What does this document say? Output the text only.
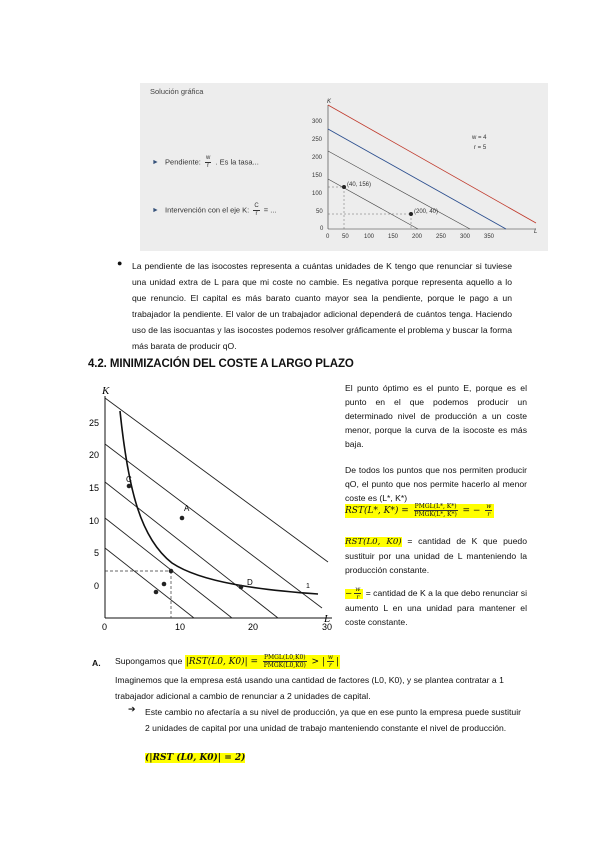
Solución gráfica
► Pendiente: $\frac{w}{r}$ . Es la tasa...
► Intervención con el eje K: $\frac{C}{r}$ = ...
K
L
300
250
200
150
100
50
0
0 50	100 150 200 250 300 350
(40, 156)
(200, 40)
w = 4
r = 5
● La pendiente de las isocostes representa a cuántas unidades de K tengo que renunciar si tuviese una unidad extra de L para que mi coste no cambie. Es negativa porque representa aquello a lo que renuncio. El capital es más barato cuanto mayor sea la pendiente, porque le pago a un trabajador la pendiente. El valor de un trabajador adicional dependerá de cuántos tenga. Haciendo uso de las isocuantas y las isocostes podemos resolver gráficamente el problema y buscar la forma más barata de producir qO.
4.2. MINIMIZACIÓN DEL COSTE A LARGO PLAZO
K
L
25
20
15
10
5
0
0	10	20	30
A
C
D	1
El punto óptimo es el punto E, porque es el punto en el que podemos producir un determinado nivel de producción a un coste menor, porque la curva de la isocoste es más baja.
De todos los puntos que nos permiten producir qO, el punto que nos permite hacerlo al menor coste es (L*, K*)
RST(L*, $K*) = \frac{\text{PMGL(L*, K*)}}{\text{PMGK(L*, K*)}}$ = − $\frac{w}{r}$
RST(L0, K0) = cantidad de K que puedo sustituir por una unidad de L manteniendo la producción constante.
− $\frac{w}{r}$ = cantidad de K a la que debo renunciar si aumento L en una unidad para mantener el coste constante.
A. Supongamos que |RST(L0, $K0)| = \frac{\text{PMGL(L0,K0)}}{\text{PMGK(L0,K0)}}$ > | $\frac{w}{r}$ |
Imaginemos que la empresa está usando una cantidad de factores (L0, K0), y se plantea contratar a 1 trabajador adicional a cambio de renunciar a 2 unidades de capital.
➔ Este cambio no afectaría a su nivel de producción, ya que en ese punto la empresa puede sustituir 2 unidades de capital por una unidad de trabajo manteniendo constante el nivel de producción.
(|RST (L0, K0)| = 2)
